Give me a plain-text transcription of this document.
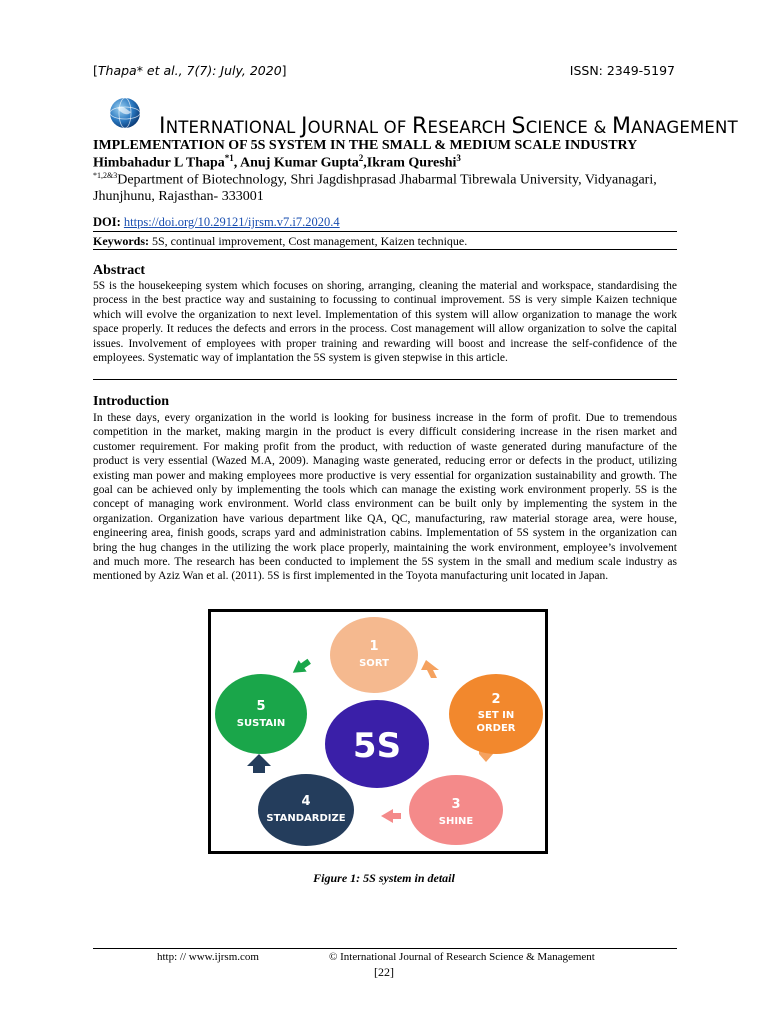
[Thapa* et al., 7(7): July, 2020]	ISSN: 2349-5197
INTERNATIONAL JOURNAL OF RESEARCH SCIENCE & MANAGEMENT
IMPLEMENTATION OF 5S SYSTEM IN THE SMALL & MEDIUM SCALE INDUSTRY
Himbahadur L Thapa$^{*1}$, Anuj Kumar Gupta$^2$,Ikram Qureshi$^3$
$^{*1,2\&3}$Department of Biotechnology, Shri Jagdishprasad Jhabarmal Tibrewala University, Vidyanagari, Jhunjhunu, Rajasthan- 333001
DOI: https://doi.org/10.29121/ijrsm.v7.i7.2020.4
Keywords: 5S, continual improvement, Cost management, Kaizen technique.
Abstract
5S is the housekeeping system which focuses on shoring, arranging, cleaning the material and workspace, standardising the process in the best practice way and sustaining to focussing to continual improvement. 5S is very simple Kaizen technique which will evolve the organization to next level. Implementation of this system will allow organization to manage the work space properly. It reduces the defects and errors in the process. Cost management will allow organization to solve the capital issues. Involvement of employees with proper training and rewarding will boost and increase the self-confidence of the employees. Systematic way of implantation the 5S system is given stepwise in this article.
Introduction
In these days, every organization in the world is looking for business increase in the form of profit. Due to tremendous competition in the market, making margin in the product is every difficult considering increase in the risen market and customer requirement. For making profit from the product, with reduction of waste generated during manufacture of the product is very essential (Wazed M.A, 2009). Managing waste generated, reducing error or defects in the product, utilizing existing man power and making employees more productive is very essential for organization sustainability and growth. The goal can be achieved only by implementing the tools which can manage the existing work environment properly. 5S is the concept of managing work environment. World class environment can be built only by implementing the system in the organization. Organization have various department like QA, QC, manufacturing, raw material storage area, were house, engineering area, finish goods, scraps yard and administration cabins. Implementation of 5S system in the organization can bring the hug changes in the utilizing the work place properly, maintaining the work environment, employee’s involvement and much more. The research has been conducted to implement the 5S system in the small and medium scale industry as mentioned by Aziz Wan et al. (2011). 5S is first implemented in the Toyota manufacturing unit located in Japan.
1
SORT
2
SET IN
ORDER
3
SHINE
4
STANDARDIZE
5
SUSTAIN
5S
Figure 1: 5S system in detail
http: // www.ijrsm.com	© International Journal of Research Science & Management
[22]
